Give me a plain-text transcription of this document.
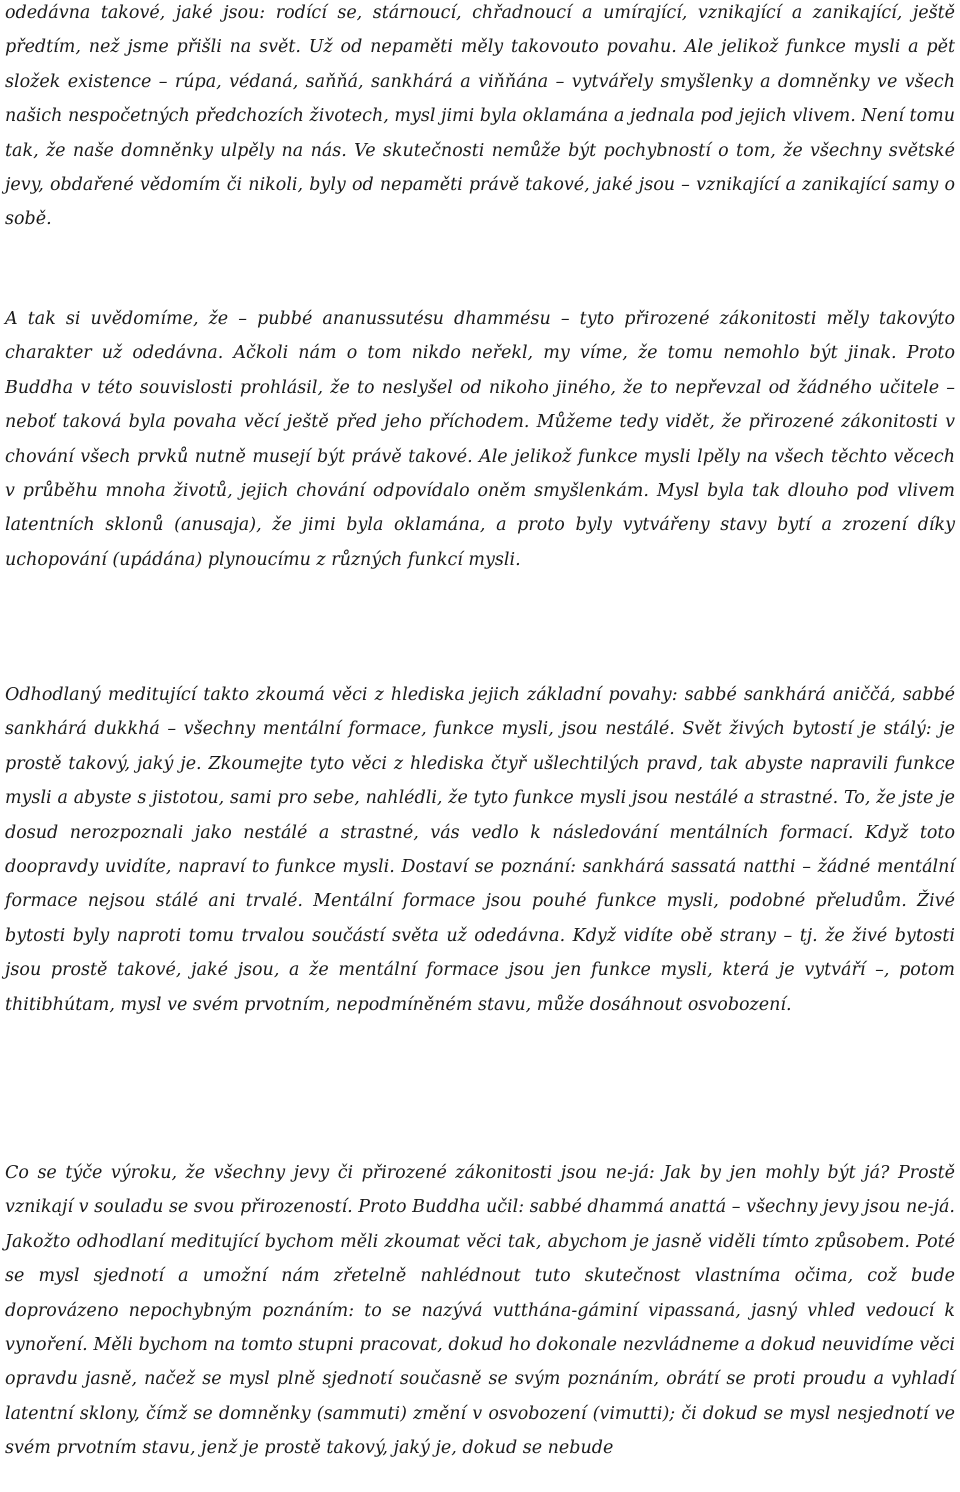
odedávna takové, jaké jsou: rodící se, stárnoucí, chřadnoucí a umírající, vznikající a zanikající, ještě předtím, než jsme přišli na svět. Už od nepaměti měly takovouto povahu. Ale jelikož funkce mysli a pět složek existence – rúpa, védaná, saňňá, sankhárá a viňňána – vytvářely smyšlenky a domněnky ve všech našich nespočetných předchozích životech, mysl jimi byla oklamána a jednala pod jejich vlivem. Není tomu tak, že naše domněnky ulpěly na nás. Ve skutečnosti nemůže být pochybností o tom, že všechny světské jevy, obdařené vědomím či nikoli, byly od nepaměti právě takové, jaké jsou – vznikající a zanikající samy o sobě.

A tak si uvědomíme, že – pubbé ananussutésu dhammésu – tyto přirozené zákonitosti měly takovýto charakter už odedávna. Ačkoli nám o tom nikdo neřekl, my víme, že tomu nemohlo být jinak. Proto Buddha v této souvislosti prohlásil, že to neslyšel od nikoho jiného, že to nepřevzal od žádného učitele – neboť taková byla povaha věcí ještě před jeho příchodem. Můžeme tedy vidět, že přirozené zákonitosti v chování všech prvků nutně musejí být právě takové. Ale jelikož funkce mysli lpěly na všech těchto věcech v průběhu mnoha životů, jejich chování odpovídalo oněm smyšlenkám. Mysl byla tak dlouho pod vlivem latentních sklonů (anusaja), že jimi byla oklamána, a proto byly vytvářeny stavy bytí a zrození díky uchopování (upádána) plynoucímu z různých funkcí mysli.

Odhodlaný meditující takto zkoumá věci z hlediska jejich základní povahy: sabbé sankhárá aniččá, sabbé sankhárá dukkhá – všechny mentální formace, funkce mysli, jsou nestálé. Svět živých bytostí je stálý: je prostě takový, jaký je. Zkoumejte tyto věci z hlediska čtyř ušlechtilých pravd, tak abyste napravili funkce mysli a abyste s jistotou, sami pro sebe, nahlédli, že tyto funkce mysli jsou nestálé a strastné. To, že jste je dosud nerozpoznali jako nestálé a strastné, vás vedlo k následování mentálních formací. Když toto doopravdy uvidíte, napraví to funkce mysli. Dostaví se poznání: sankhárá sassatá natthi – žádné mentální formace nejsou stálé ani trvalé. Mentální formace jsou pouhé funkce mysli, podobné přeludům. Živé bytosti byly naproti tomu trvalou součástí světa už odedávna. Když vidíte obě strany – tj. že živé bytosti jsou prostě takové, jaké jsou, a že mentální formace jsou jen funkce mysli, která je vytváří –, potom thitibhútam, mysl ve svém prvotním, nepodmíněném stavu, může dosáhnout osvobození.

Co se týče výroku, že všechny jevy či přirozené zákonitosti jsou ne-já: Jak by jen mohly být já? Prostě vznikají v souladu se svou přirozeností. Proto Buddha učil: sabbé dhammá anattá – všechny jevy jsou ne-já. Jakožto odhodlaní meditující bychom měli zkoumat věci tak, abychom je jasně viděli tímto způsobem. Poté se mysl sjednotí a umožní nám zřetelně nahlédnout tuto skutečnost vlastníma očima, což bude doprovázeno nepochybným poznáním: to se nazývá vutthána-gáminí vipassaná, jasný vhled vedoucí k vynoření. Měli bychom na tomto stupni pracovat, dokud ho dokonale nezvládneme a dokud neuvidíme věci opravdu jasně, načež se mysl plně sjednotí současně se svým poznáním, obrátí se proti proudu a vyhladí latentní sklony, čímž se domněnky (sammuti) změní v osvobození (vimutti); či dokud se mysl nesjednotí ve svém prvotním stavu, jenž je prostě takový, jaký je, dokud se nebude
